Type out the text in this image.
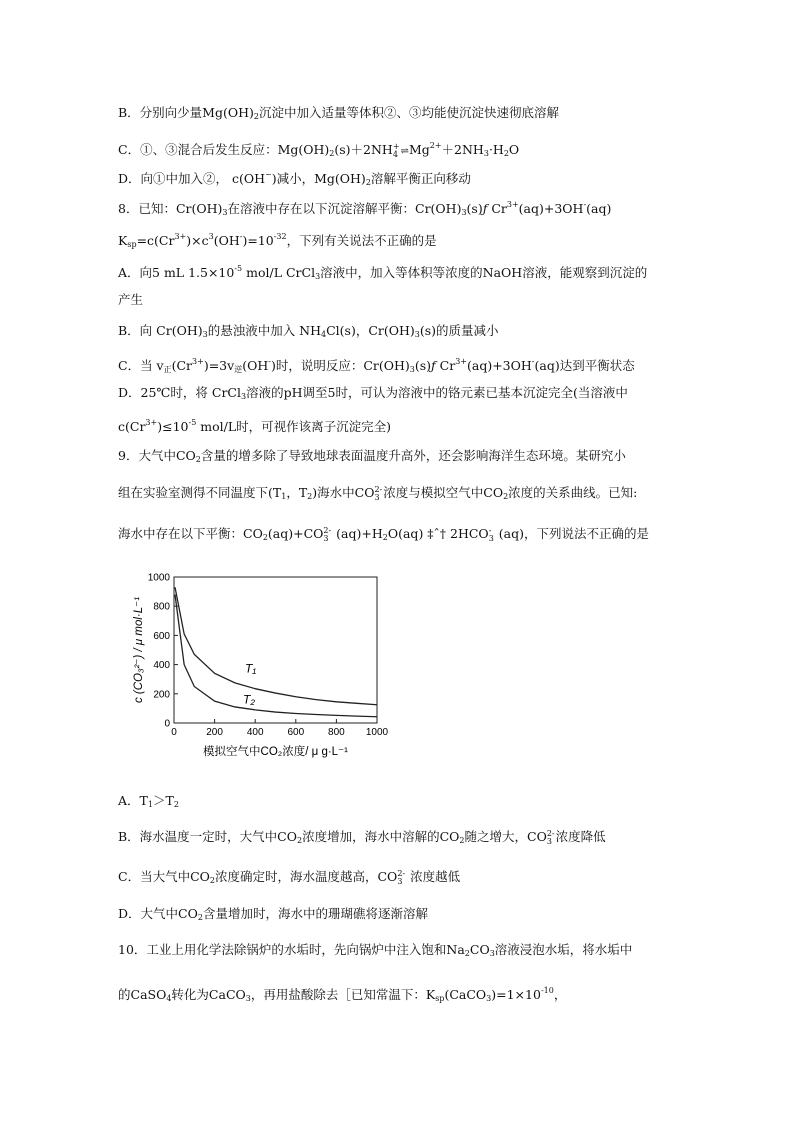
B．分别向少量$Mg(OH)_2$沉淀中加入适量等体积②、③均能使沉淀快速彻底溶解
C．①、③混合后发生反应：$Mg(OH)_2(s)+2NH$ +
4 $\rightleftharpoons Mg^{2+}+2NH_3\cdot H_2O$
D．向①中加入②， c(OH−)减小，$Mg(OH)_2$溶解平衡正向移动
8．已知：$Cr(OH)_3$在溶液中存在以下沉淀溶解平衡：$Cr(OH)_3(s)ƒ$ $Cr^{3+}(aq)+3OH^-(aq)$
$K_{sp}=c(Cr^{3+})\times c^3(OH^-)=10^{-32}$，下列有关说法不正确的是
A．向5 mL $1.5\times 10^{-5}$ mol/L CrCl$_3$溶液中，加入等体积等浓度的NaOH溶液，能观察到沉淀的
产生
B．向 $Cr(OH)_3$的悬浊液中加入 $NH_4Cl(s)$，$Cr(OH)_3(s)$的质量减小
C．当 $v_正(Cr^{3+})=3v_逆(OH^-)$时，说明反应：$Cr(OH)_3(s)ƒ$ $Cr^{3+}(aq)+3OH^-(aq)$达到平衡状态
D．25℃时，将 CrCl$_3$溶液的pH调至5时，可认为溶液中的铬元素已基本沉淀完全(当溶液中
$c(Cr^{3+})\le 10^{-5}$ mol/L时，可视作该离子沉淀完全)
9．大气中$CO_2$含量的增多除了导致地球表面温度升高外，还会影响海洋生态环境。某研究小
组在实验室测得不同温度下($T_1$，$T_2$)海水中CO 2-
3 浓度与模拟空气中$CO_2$浓度的关系曲线。已知:
海水中存在以下平衡：$CO_2(aq)+CO$ 2-
3 $(aq)+H_2O(aq)$ ‡ˆ† 2HCO -
3 (aq)，下列说法不正确的是
0	200 400 600 800 1000
0
200
400
600
800
1000
T₁
T₂
模拟空气中CO₂浓度/ μ g·L⁻¹
c (CO₃²⁻) / μ mol·L⁻¹
A．$T_1>T_2$
B．海水温度一定时，大气中$CO_2$浓度增加，海水中溶解的$CO_2$随之增大，CO 2-
3 浓度降低
C．当大气中$CO_2$浓度确定时，海水温度越高，CO 2-
3 浓度越低
D．大气中$CO_2$含量增加时，海水中的珊瑚礁将逐渐溶解
10．工业上用化学法除锅炉的水垢时，先向锅炉中注入饱和$Na_2CO_3$溶液浸泡水垢，将水垢中
的CaSO$_4$转化为CaCO$_3$，再用盐酸除去［已知常温下：$K_{sp}(CaCO_3)=1\times 10^{-10}$，
